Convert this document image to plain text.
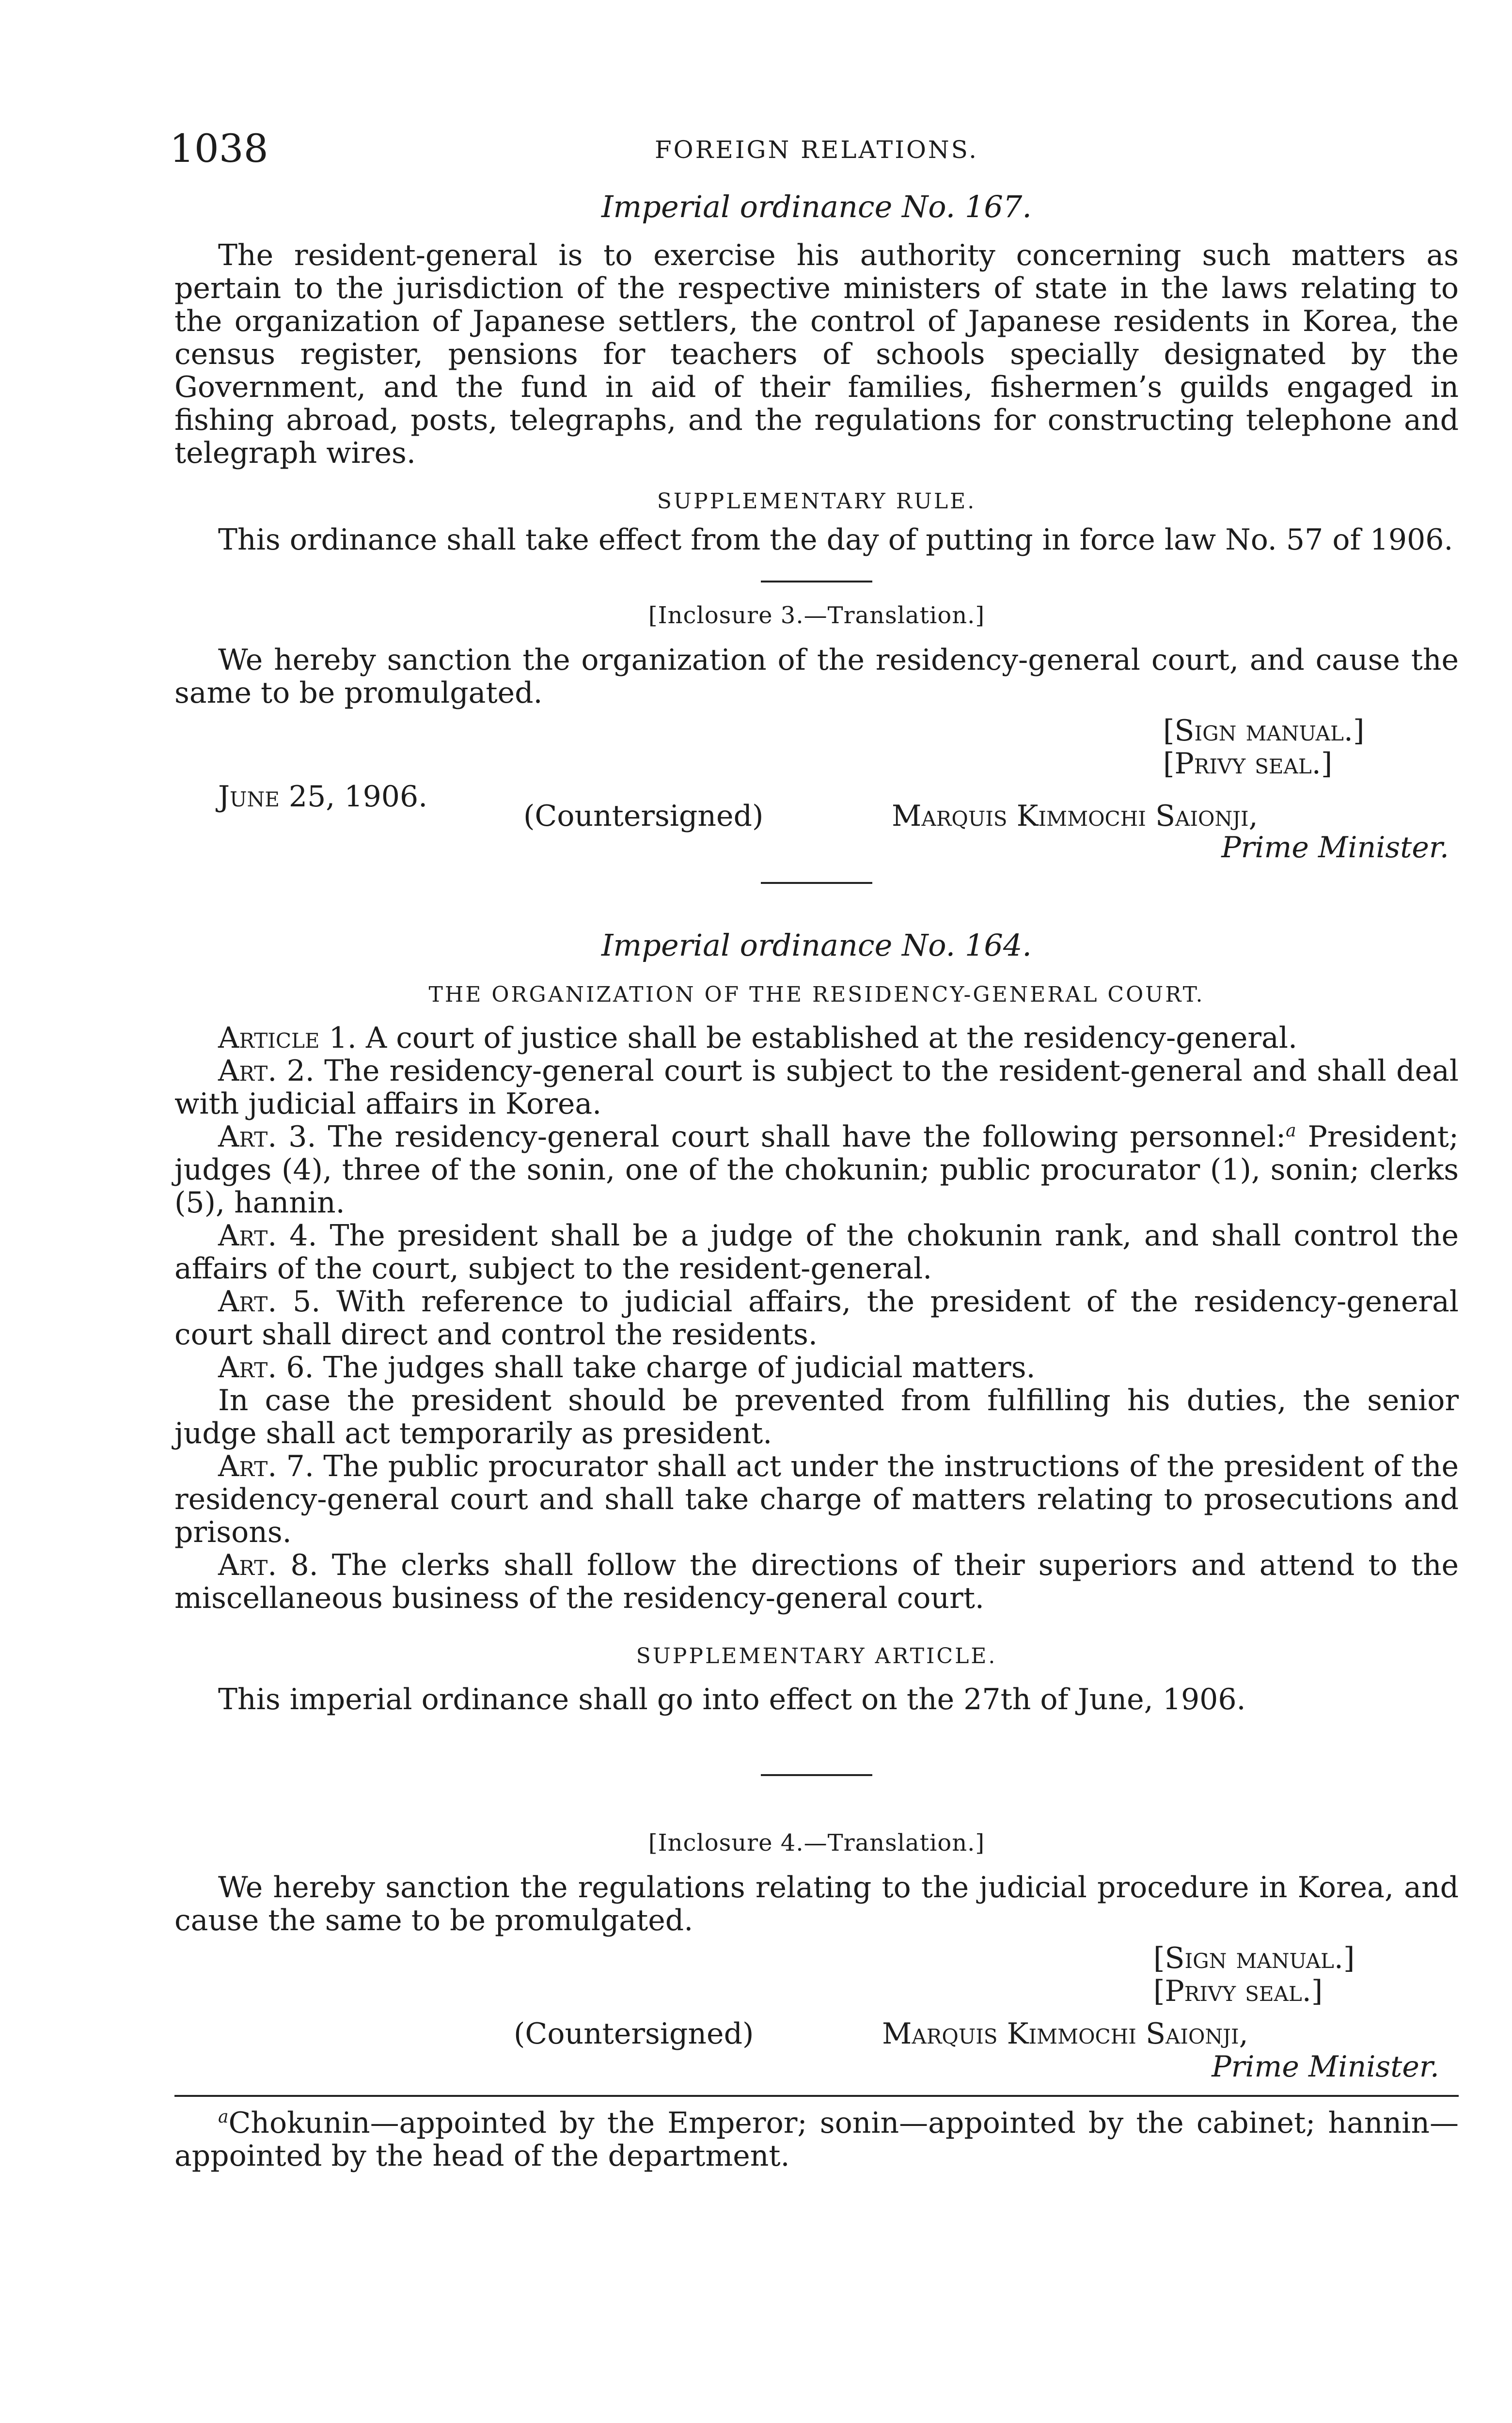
1038	FOREIGN RELATIONS.

Imperial ordinance No. 167.

The resident-general is to exercise his authority concerning such matters as pertain to the jurisdiction of the respective ministers of state in the laws relating to the organization of Japanese settlers, the control of Japanese residents in Korea, the census register, pensions for teachers of schools specially designated by the Government, and the fund in aid of their families, fishermen’s guilds engaged in fishing abroad, posts, telegraphs, and the regulations for constructing telephone and telegraph wires.

SUPPLEMENTARY RULE.

This ordinance shall take effect from the day of putting in force law No. 57 of 1906.

[Inclosure 3.—Translation.]

We hereby sanction the organization of the residency-general court, and cause the same to be promulgated.

[Sign manual.]
[Privy seal.]
June 25, 1906.
(Countersigned)	Marquis Kimmochi Saionji,
Prime Minister.

Imperial ordinance No. 164.

THE ORGANIZATION OF THE RESIDENCY-GENERAL COURT.

Article 1. A court of justice shall be established at the residency-general.

Art. 2. The residency-general court is subject to the resident-general and shall deal with judicial affairs in Korea.

Art. 3. The residency-general court shall have the following personnel:$^a$ President; judges (4), three of the sonin, one of the chokunin; public procurator (1), sonin; clerks (5), hannin.

Art. 4. The president shall be a judge of the chokunin rank, and shall control the affairs of the court, subject to the resident-general.

Art. 5. With reference to judicial affairs, the president of the residency-general court shall direct and control the residents.

Art. 6. The judges shall take charge of judicial matters.

In case the president should be prevented from fulfilling his duties, the senior judge shall act temporarily as president.

Art. 7. The public procurator shall act under the instructions of the president of the residency-general court and shall take charge of matters relating to prosecutions and prisons.

Art. 8. The clerks shall follow the directions of their superiors and attend to the miscellaneous business of the residency-general court.

SUPPLEMENTARY ARTICLE.

This imperial ordinance shall go into effect on the 27th of June, 1906.

[Inclosure 4.—Translation.]

We hereby sanction the regulations relating to the judicial procedure in Korea, and cause the same to be promulgated.

[Sign manual.]
[Privy seal.]
(Countersigned)	Marquis Kimmochi Saionji,
Prime Minister.

$^a$Chokunin—appointed by the Emperor; sonin—appointed by the cabinet; hannin—appointed by the head of the department.
